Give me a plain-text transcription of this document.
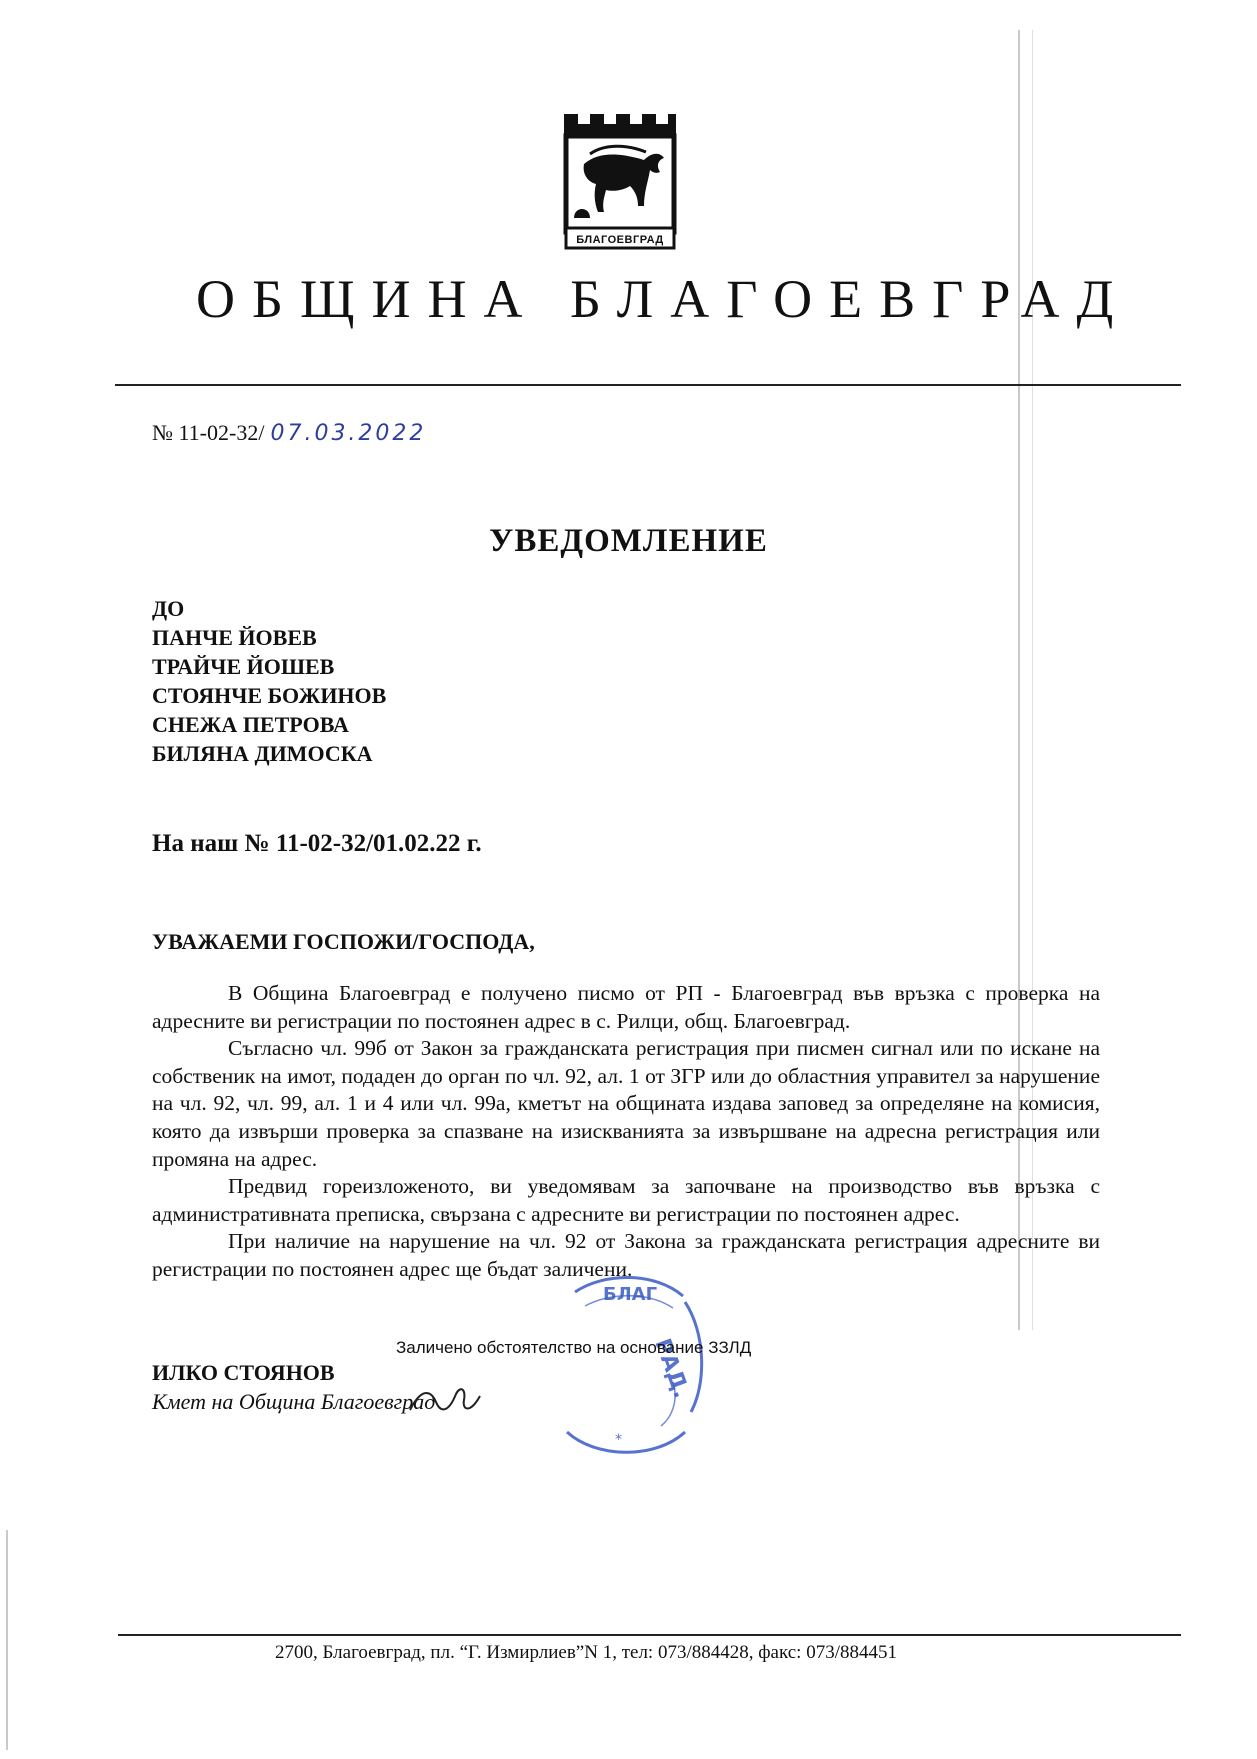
БЛАГОЕВГРАД
ОБЩИНА БЛАГОЕВГРАД
№ 11-02-32/ 07.03.2022
УВЕДОМЛЕНИЕ
ДО
ПАНЧЕ ЙОВЕВ
ТРАЙЧЕ ЙОШЕВ
СТОЯНЧЕ БОЖИНОВ
СНЕЖА ПЕТРОВА
БИЛЯНА ДИМОСКА
На наш № 11-02-32/01.02.22 г.
УВАЖАЕМИ ГОСПОЖИ/ГОСПОДА,

В Община Благоевград е получено писмо от РП - Благоевград във връзка с проверка на адресните ви регистрации по постоянен адрес в с. Рилци, общ. Благоевград.

Съгласно чл. 99б от Закон за гражданската регистрация при писмен сигнал или по искане на собственик на имот, подаден до орган по чл. 92, ал. 1 от ЗГР или до областния управител за нарушение на чл. 92, чл. 99, ал. 1 и 4 или чл. 99а, кметът на общината издава заповед за определяне на комисия, която да извърши проверка за спазване на изискванията за извършване на адресна регистрация или промяна на адрес.

Предвид гореизложеното, ви уведомявам за започване на производство във връзка с административната преписка, свързана с адресните ви регистрации по постоянен адрес.

При наличие на нарушение на чл. 92 от Закона за гражданската регистрация адресните ви регистрации по постоянен адрес ще бъдат заличени.

РАД.
БЛАГ
*
Заличено обстоятелство на основание ЗЗЛД
ИЛКО СТОЯНОВ
Кмет на Община Благоевград
2700, Благоевград, пл. “Г. Измирлиев”N 1, тел: 073/884428, факс: 073/884451
